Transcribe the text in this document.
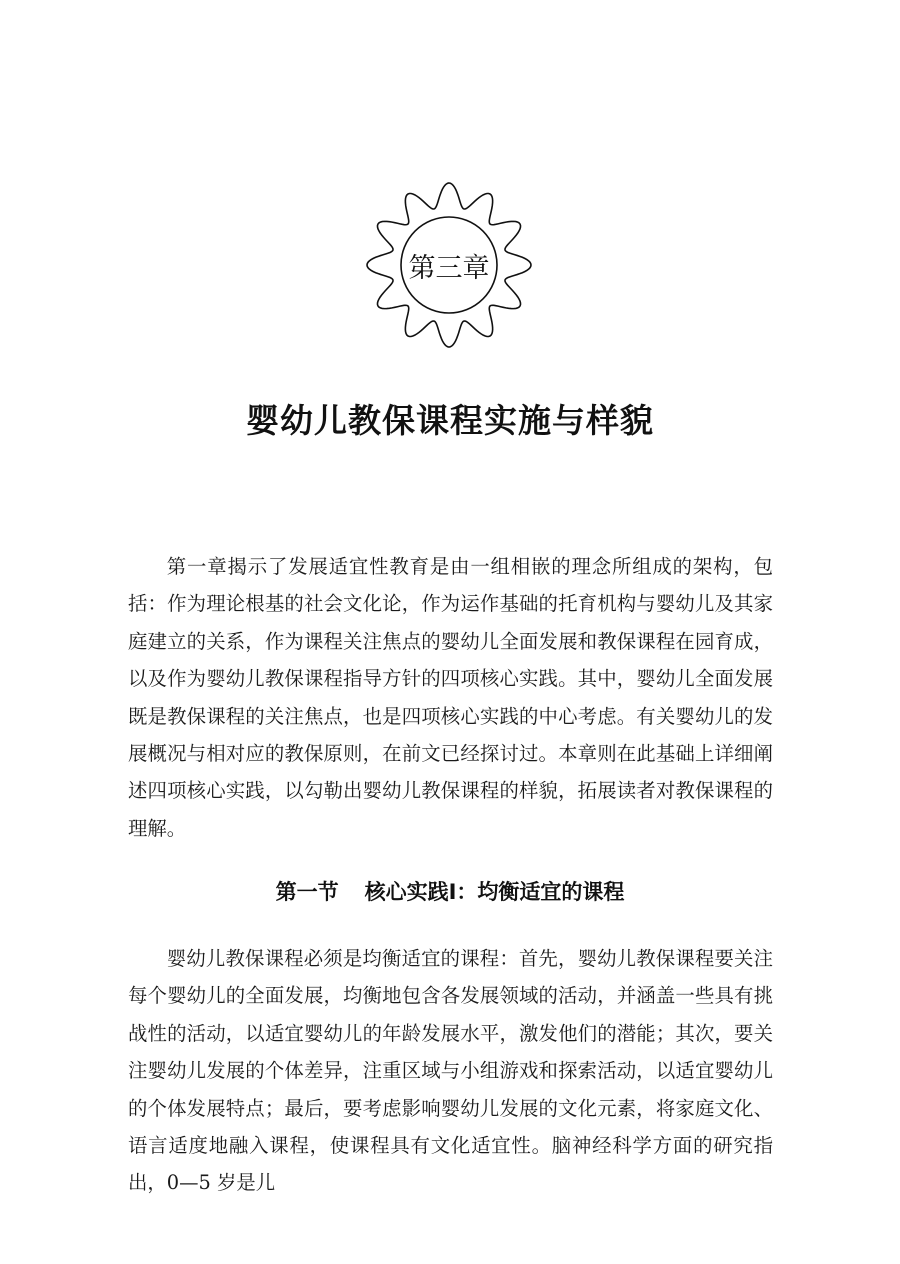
第三章
婴幼儿教保课程实施与样貌

第一章揭示了发展适宜性教育是由一组相嵌的理念所组成的架构，包括：作为理论根基的社会文化论，作为运作基础的托育机构与婴幼儿及其家庭建立的关系，作为课程关注焦点的婴幼儿全面发展和教保课程在园育成，以及作为婴幼儿教保课程指导方针的四项核心实践。其中，婴幼儿全面发展既是教保课程的关注焦点，也是四项核心实践的中心考虑。有关婴幼儿的发展概况与相对应的教保原则，在前文已经探讨过。本章则在此基础上详细阐述四项核心实践，以勾勒出婴幼儿教保课程的样貌，拓展读者对教保课程的理解。

第一节 核心实践Ⅰ：均衡适宜的课程

婴幼儿教保课程必须是均衡适宜的课程：首先，婴幼儿教保课程要关注每个婴幼儿的全面发展，均衡地包含各发展领域的活动，并涵盖一些具有挑战性的活动，以适宜婴幼儿的年龄发展水平，激发他们的潜能；其次，要关注婴幼儿发展的个体差异，注重区域与小组游戏和探索活动，以适宜婴幼儿的个体发展特点；最后，要考虑影响婴幼儿发展的文化元素，将家庭文化、语言适度地融入课程，使课程具有文化适宜性。脑神经科学方面的研究指出，0—5 岁是儿
